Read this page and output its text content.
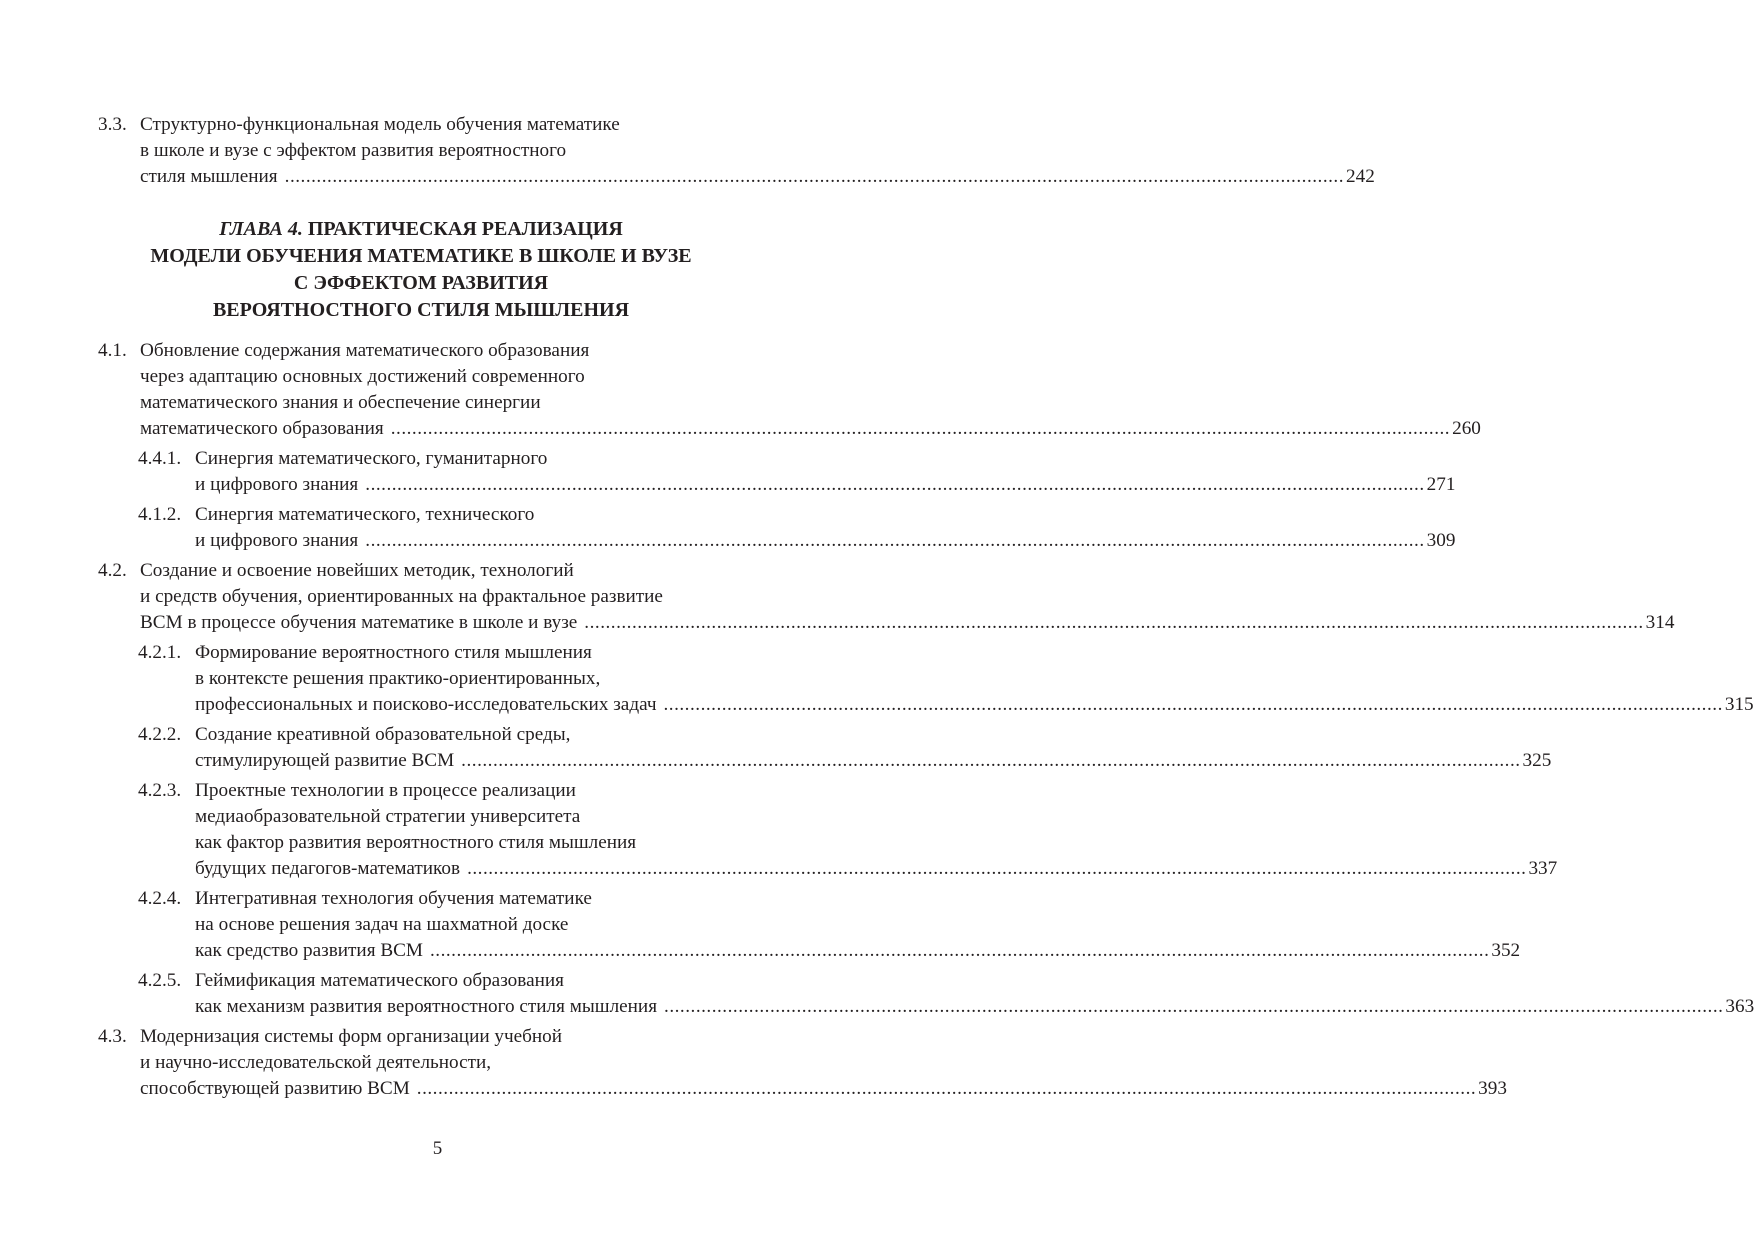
3.3. Структурно-функциональная модель обучения математике
в школе и вузе с эффектом развития вероятностного
стиля мышления ........................................................................................................................................................................................................ 242
ГЛАВА 4. ПРАКТИЧЕСКАЯ РЕАЛИЗАЦИЯ
МОДЕЛИ ОБУЧЕНИЯ МАТЕМАТИКЕ В ШКОЛЕ И ВУЗЕ
С ЭФФЕКТОМ РАЗВИТИЯ
ВЕРОЯТНОСТНОГО СТИЛЯ МЫШЛЕНИЯ
4.1. Обновление содержания математического образования
через адаптацию основных достижений современного
математического знания и обеспечение синергии
математического образования ........................................................................................................................................................................................................ 260
4.4.1. Синергия математического, гуманитарного
и цифрового знания ........................................................................................................................................................................................................ 271
4.1.2. Синергия математического, технического
и цифрового знания ........................................................................................................................................................................................................ 309
4.2. Создание и освоение новейших методик, технологий
и средств обучения, ориентированных на фрактальное развитие
ВСМ в процессе обучения математике в школе и вузе ........................................................................................................................................................................................................ 314
4.2.1. Формирование вероятностного стиля мышления
в контексте решения практико-ориентированных,
профессиональных и поисково-исследовательских задач ........................................................................................................................................................................................................ 315
4.2.2. Создание креативной образовательной среды,
стимулирующей развитие ВСМ ........................................................................................................................................................................................................ 325
4.2.3. Проектные технологии в процессе реализации
медиаобразовательной стратегии университета
как фактор развития вероятностного стиля мышления
будущих педагогов-математиков ........................................................................................................................................................................................................ 337
4.2.4. Интегративная технология обучения математике
на основе решения задач на шахматной доске
как средство развития ВСМ ........................................................................................................................................................................................................ 352
4.2.5. Геймификация математического образования
как механизм развития вероятностного стиля мышления ........................................................................................................................................................................................................ 363
4.3. Модернизация системы форм организации учебной
и научно-исследовательской деятельности,
способствующей развитию ВСМ ........................................................................................................................................................................................................ 393
5
